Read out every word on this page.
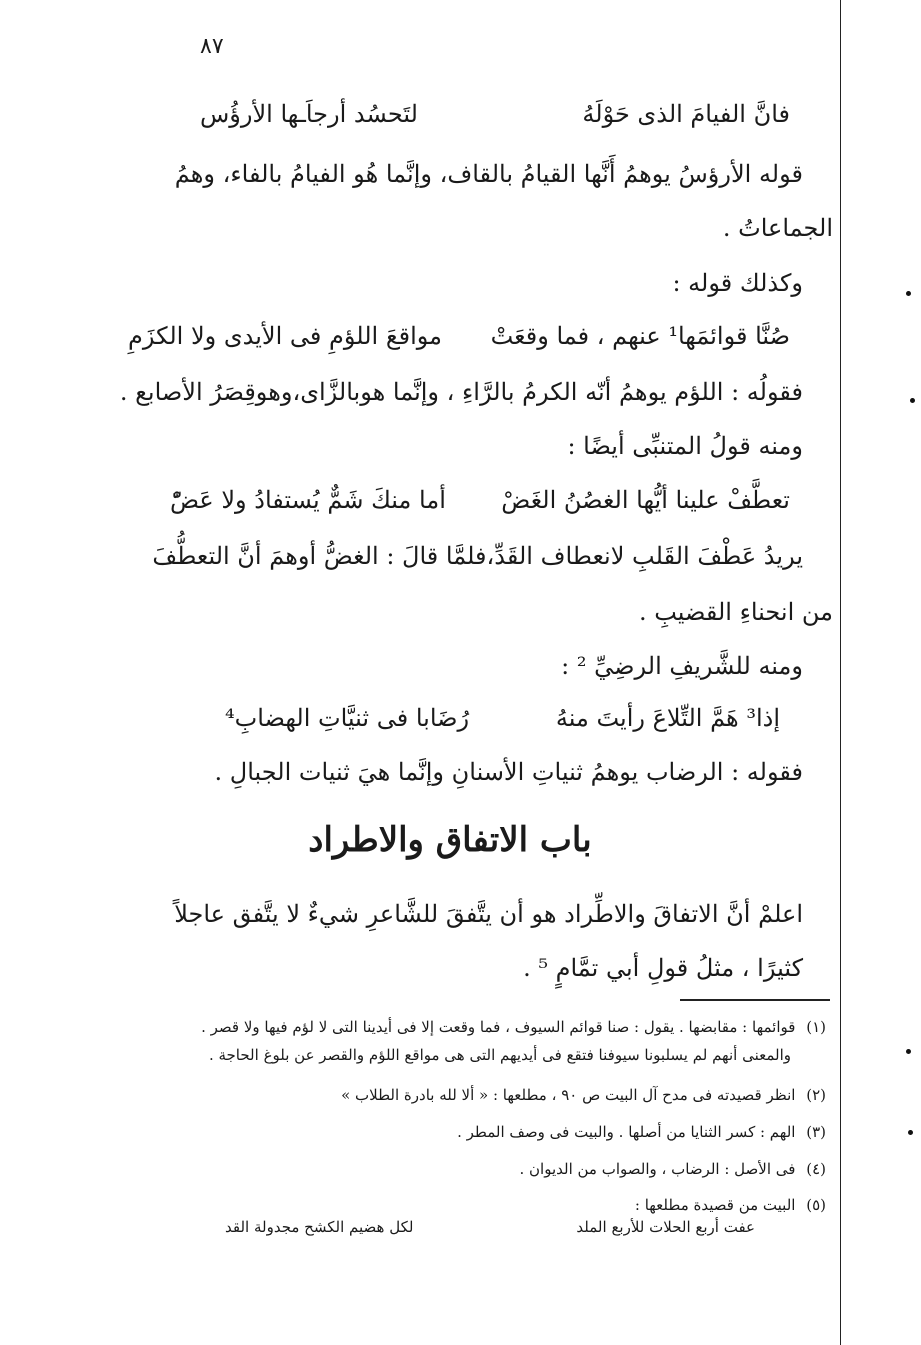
٨٧
فانَّ الفيامَ الذى حَوْلَهُ
لتَحسُد أرجاَـها الأرؤُس
قوله الأرؤسُ يوهمُ أَنَّها القيامُ بالقاف، وإنَّما هُو الفيامُ بالفاء، وهمُ
الجماعاتُ .
وكذلك قوله :
صُنَّا قوائمَها¹ عنهم ، فما وقعَتْ
مواقعَ اللؤمِ فى الأيدى ولا الكزَمِ
فقولُه : اللؤم يوهمُ أنّه الكرمُ بالرَّاءِ ، وإنَّما هوبالزَّاى،وهوقِصَرُ الأصابع .
ومنه قولُ المتنبِّى أيضًا :
تعطَّفْ علينا أيُّها الغصُنُ الغَضْ
أما منكَ شَمٌّ يُستفادُ ولا عَضّْ
يريدُ عَطْفَ القَلبِ لانعطاف القَدِّ،فلمَّا قالَ : الغضُّ أوهمَ أنَّ التعطُّفَ
من انحناءِ القضيبِ .
ومنه للشَّريفِ الرضِيِّ ² :
إذا³ هَمَّ التِّلاعَ رأيتَ منهُ
رُضَابا فى ثنيَّاتِ الهضابِ⁴
فقوله : الرضاب يوهمُ ثنياتِ الأسنانِ وإنَّما هيَ ثنيات الجبالِ .
باب الاتفاق والاطراد
اعلمْ أنَّ الاتفاقَ والاطِّراد هو أن يتَّفقَ للشَّاعرِ شيءٌ لا يتَّفق عاجلاً
كثيرًا ، مثلُ قولِ أبي تمَّامٍ ⁵ .
(١) قوائمها : مقابضها . يقول : صنا قوائم السيوف ، فما وقعت إلا فى أيدينا التى لا لؤم فيها ولا قصر .
والمعنى أنهم لم يسلبونا سيوفنا فتقع فى أيديهم التى هى مواقع اللؤم والقصر عن بلوغ الحاجة .
(٢) انظر قصيدته فى مدح آل البيت ص ٩٠ ، مطلعها : « ألا لله بادرة الطلاب »
(٣) الهم : كسر الثنايا من أصلها . والبيت فى وصف المطر .
(٤) فى الأصل : الرضاب ، والصواب من الديوان .
(٥) البيت من قصيدة مطلعها :
عفت أربع الحلات للأربع الملد
لكل هضيم الكشح مجدولة القد
